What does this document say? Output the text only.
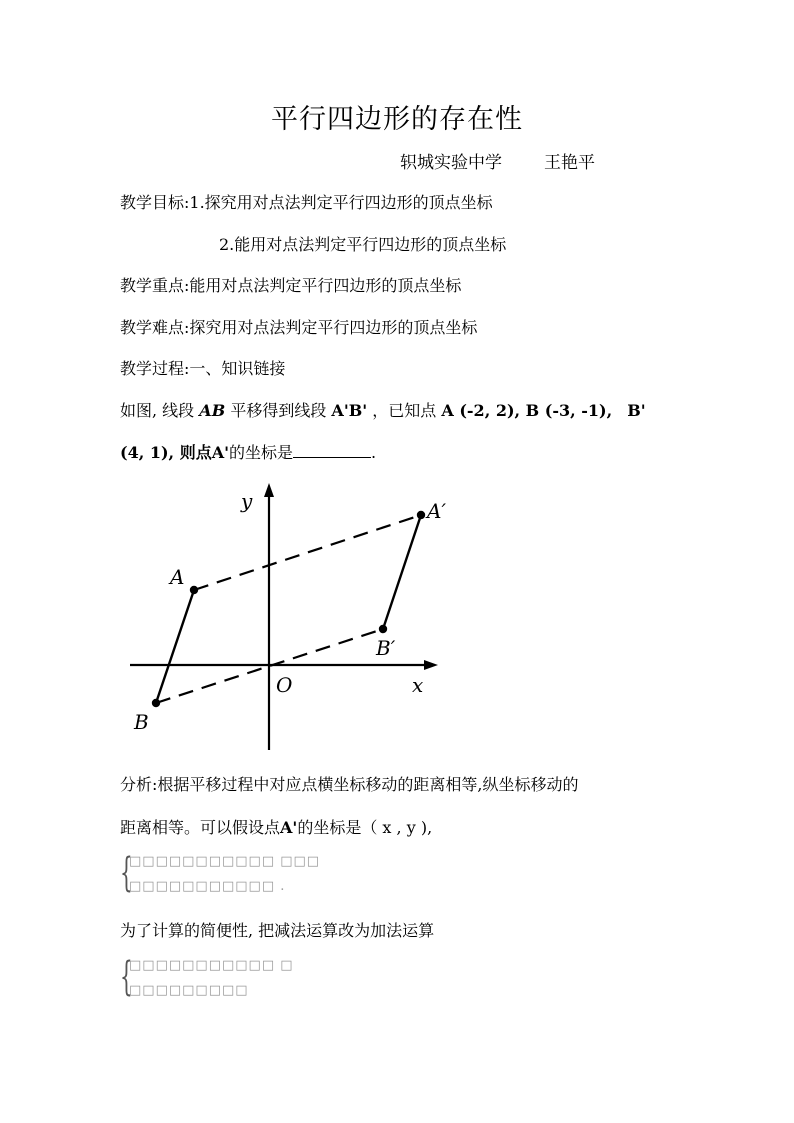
平行四边形的存在性
轵城实验中学 王艳平
教学目标:1.探究用对点法判定平行四边形的顶点坐标
2.能用对点法判定平行四边形的顶点坐标
教学重点:能用对点法判定平行四边形的顶点坐标
教学难点:探究用对点法判定平行四边形的顶点坐标
教学过程:一、知识链接
如图, 线段 AB 平移得到线段 A'B' ，已知点 A (-2, 2), B (-3, -1), B'
(4, 1), 则点A'的坐标是	.
y
x
O
A
B
A′
B′
分析:根据平移过程中对应点横坐标移动的距离相等,纵坐标移动的
距离相等。可以假设点A'的坐标是（ x , y ),
{
□□□□□□□□□□□ □□□
□□□□□□□□□□□ .
为了计算的简便性, 把减法运算改为加法运算
{
□□□□□□□□□□□ □
□□□□□□□□□
